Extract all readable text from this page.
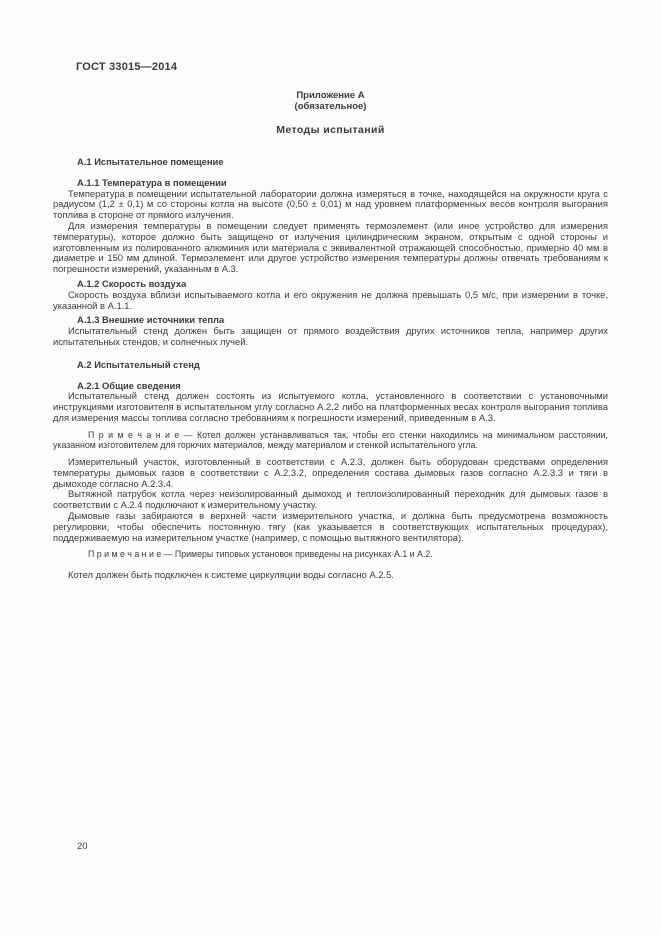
ГОСТ 33015—2014
Приложение А
(обязательное)
Методы испытаний
А.1 Испытательное помещение
А.1.1 Температура в помещении

Температура в помещении испытательной лаборатории должна измеряться в точке, находящейся на окружности круга с радиусом (1,2 ± 0,1) м со стороны котла на высоте (0,50 ± 0,01) м над уровнем платформенных весов контроля выгорания топлива в стороне от прямого излучения.

Для измерения температуры в помещении следует применять термоэлемент (или иное устройство для измерения температуры), которое должно быть защищено от излучения цилиндрическим экраном, открытым с одной стороны и изготовленным из полированного алюминия или материала с эквивалентной отражающей способностью, примерно 40 мм в диаметре и 150 мм длиной. Термоэлемент или другое устройство измерения температуры должны отвечать требованиям к погрешности измерений, указанным в А.3.

А.1.2 Скорость воздуха

Скорость воздуха вблизи испытываемого котла и его окружения не должна превышать 0,5 м/с, при измерении в точке, указанной в А.1.1.

А.1.3 Внешние источники тепла

Испытательный стенд должен быть защищен от прямого воздействия других источников тепла, например других испытательных стендов, и солнечных лучей.

А.2 Испытательный стенд
А.2.1 Общие сведения

Испытательный стенд должен состоять из испытуемого котла, установленного в соответствии с установочными инструкциями изготовителя в испытательном углу согласно А.2.2 либо на платформенных весах контроля выгорания топлива для измерения массы топлива согласно требованиям к погрешности измерений, приведенным в А.3.

П р и м е ч а н и е — Котел должен устанавливаться так, чтобы его стенки находились на минимальном расстоянии, указанном изготовителем для горючих материалов, между материалом и стенкой испытательного угла.

Измерительный участок, изготовленный в соответствии с А.2.3, должен быть оборудован средствами определения температуры дымовых газов в соответствии с А.2.3.2, определения состава дымовых газов согласно А.2.3.3 и тяги в дымоходе согласно А.2.3.4.

Вытяжной патрубок котла через неизолированный дымоход и теплоизолированный переходник для дымовых газов в соответствии с А.2.4 подключают к измерительному участку.

Дымовые газы забираются в верхней части измерительного участка, и должна быть предусмотрена возможность регулировки, чтобы обеспечить постоянную тягу (как указывается в соответствующих испытательных процедурах), поддерживаемую на измерительном участке (например, с помощью вытяжного вентилятора).

П р и м е ч а н и е — Примеры типовых установок приведены на рисунках А.1 и А.2.

Котел должен быть подключен к системе циркуляции воды согласно А.2.5.

20
